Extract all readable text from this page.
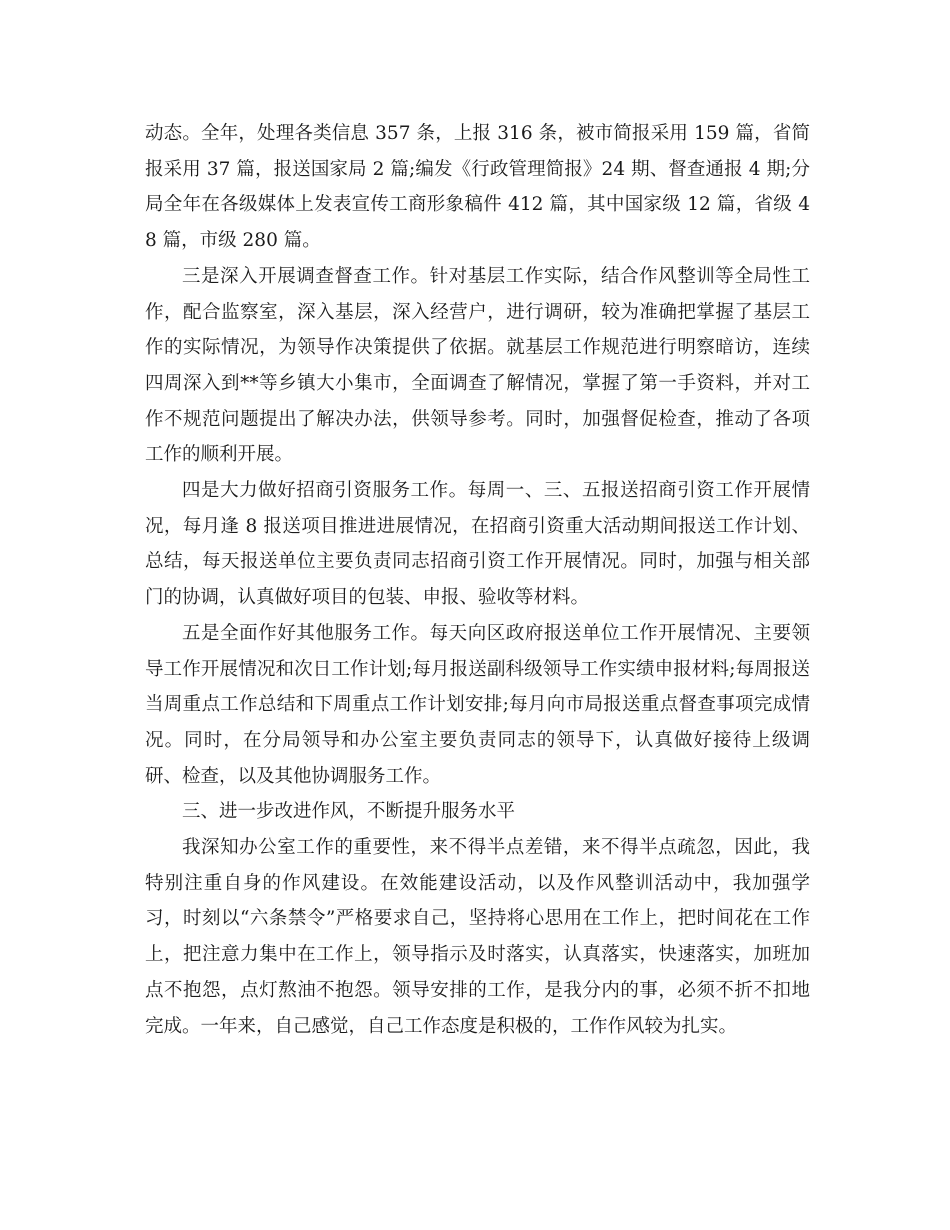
动态。全年，处理各类信息 357 条，上报 316 条，被市简报采用 159 篇，省简报采用 37 篇，报送国家局 2 篇;编发《行政管理简报》24 期、督查通报 4 期;分局全年在各级媒体上发表宣传工商形象稿件 412 篇，其中国家级 12 篇，省级 48 篇，市级 280 篇。

三是深入开展调查督查工作。针对基层工作实际，结合作风整训等全局性工作，配合监察室，深入基层，深入经营户，进行调研，较为准确把掌握了基层工作的实际情况，为领导作决策提供了依据。就基层工作规范进行明察暗访，连续四周深入到**等乡镇大小集市，全面调查了解情况，掌握了第一手资料，并对工作不规范问题提出了解决办法，供领导参考。同时，加强督促检查，推动了各项工作的顺利开展。

四是大力做好招商引资服务工作。每周一、三、五报送招商引资工作开展情况，每月逢 8 报送项目推进进展情况，在招商引资重大活动期间报送工作计划、总结，每天报送单位主要负责同志招商引资工作开展情况。同时，加强与相关部门的协调，认真做好项目的包装、申报、验收等材料。

五是全面作好其他服务工作。每天向区政府报送单位工作开展情况、主要领导工作开展情况和次日工作计划;每月报送副科级领导工作实绩申报材料;每周报送当周重点工作总结和下周重点工作计划安排;每月向市局报送重点督查事项完成情况。同时，在分局领导和办公室主要负责同志的领导下，认真做好接待上级调研、检查，以及其他协调服务工作。

三、进一步改进作风，不断提升服务水平

我深知办公室工作的重要性，来不得半点差错，来不得半点疏忽，因此，我特别注重自身的作风建设。在效能建设活动，以及作风整训活动中，我加强学习，时刻以“六条禁令”严格要求自己，坚持将心思用在工作上，把时间花在工作上，把注意力集中在工作上，领导指示及时落实，认真落实，快速落实，加班加点不抱怨，点灯熬油不抱怨。领导安排的工作，是我分内的事，必须不折不扣地完成。一年来，自己感觉，自己工作态度是积极的，工作作风较为扎实。
